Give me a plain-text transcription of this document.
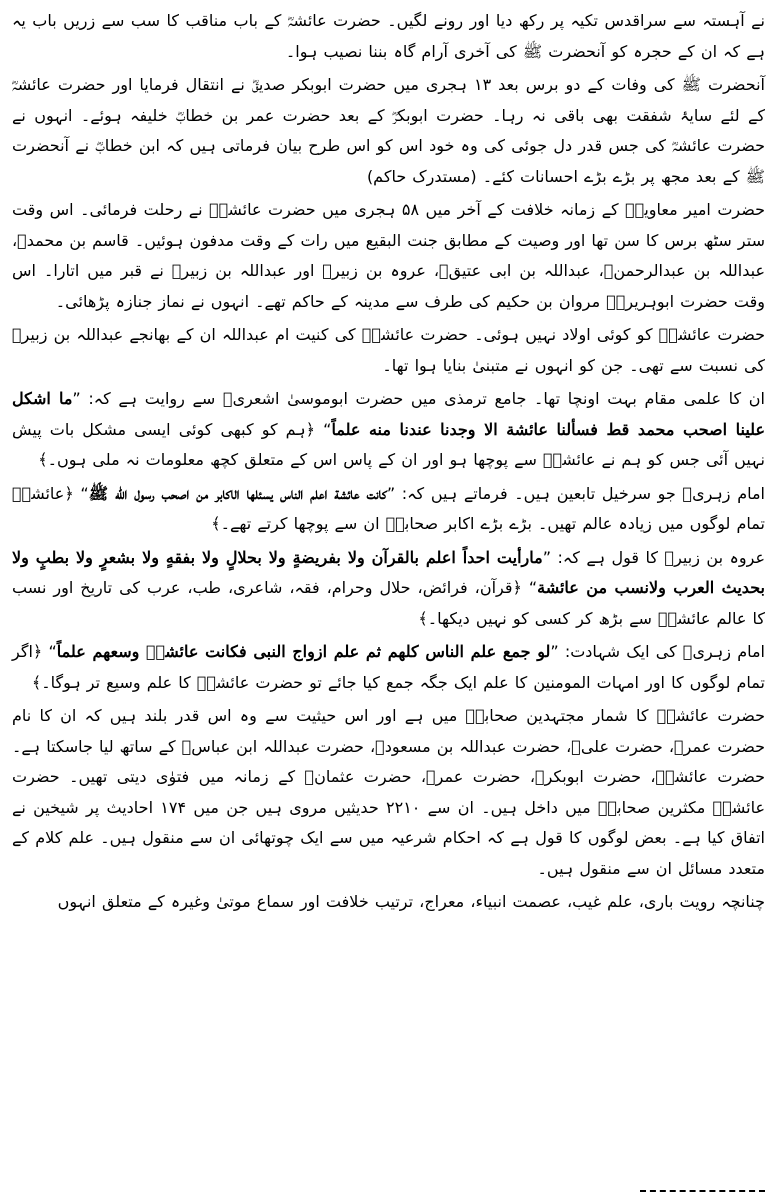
نے آہستہ سے سراقدس تکیہ پر رکھ دیا اور رونے لگیں۔ حضرت عائشہؓ کے باب مناقب کا سب سے زریں باب یہ ہے کہ ان کے حجرہ کو آنحضرت ﷺ کی آخری آرام گاہ بننا نصیب ہوا۔

آنحضرت ﷺ کی وفات کے دو برس بعد ۱۳ ہجری میں حضرت ابوبکر صدیقؓ نے انتقال فرمایا اور حضرت عائشہؓ کے لئے سایۂ شفقت بھی باقی نہ رہا۔ حضرت ابوبکرؓ کے بعد حضرت عمر بن خطابؓ خلیفہ ہوئے۔ انہوں نے حضرت عائشہؓ کی جس قدر دل جوئی کی وہ خود اس کو اس طرح بیان فرماتی ہیں کہ ابن خطابؓ نے آنحضرت ﷺ کے بعد مجھ پر بڑے بڑے احسانات کئے۔ (مستدرک حاکم)

حضرت امیر معاویہؓ کے زمانہ خلافت کے آخر میں ۵۸ ہجری میں حضرت عائشہؓ نے رحلت فرمائی۔ اس وقت ستر سٹھ برس کا سن تھا اور وصیت کے مطابق جنت البقیع میں رات کے وقت مدفون ہوئیں۔ قاسم بن محمدؒ، عبداللہ بن عبدالرحمنؒ، عبداللہ بن ابی عتیقؒ، عروہ بن زبیرؓ اور عبداللہ بن زبیرؓ نے قبر میں اتارا۔ اس وقت حضرت ابوہریرہؓ مروان بن حکیم کی طرف سے مدینہ کے حاکم تھے۔ انہوں نے نماز جنازہ پڑھائی۔

حضرت عائشہؓ کو کوئی اولاد نہیں ہوئی۔ حضرت عائشہؓ کی کنیت ام عبداللہ ان کے بھانجے عبداللہ بن زبیرؓ کی نسبت سے تھی۔ جن کو انہوں نے متبنیٰ بنایا ہوا تھا۔

ان کا علمی مقام بہت اونچا تھا۔ جامع ترمذی میں حضرت ابوموسیٰ اشعریؓ سے روایت ہے کہ: ”ما اشکل علینا اصحب محمد قط فسألنا عائشة الا وجدنا عندنا منه علماً“ ﴿ہم کو کبھی کوئی ایسی مشکل بات پیش نہیں آئی جس کو ہم نے عائشہؓ سے پوچھا ہو اور ان کے پاس اس کے متعلق کچھ معلومات نہ ملی ہوں۔﴾

امام زہریؒ جو سرخیل تابعین ہیں۔ فرماتے ہیں کہ: ”کانت عائشة اعلم الناس یسئلها الاکابر من اصحب رسول الله ﷺ“ ﴿عائشہؓ تمام لوگوں میں زیادہ عالم تھیں۔ بڑے بڑے اکابر صحابہؓ ان سے پوچھا کرتے تھے۔﴾

عروہ بن زبیرؓ کا قول ہے کہ: ”مارأیت احداً اعلم بالقرآن ولا بفریضةٍ ولا بحلالٍ ولا بفقهٍ ولا بشعرٍ ولا بطبٍ ولا بحدیث العرب ولانسب من عائشة“ ﴿قرآن، فرائض، حلال وحرام، فقہ، شاعری، طب، عرب کی تاریخ اور نسب کا عالم عائشہؓ سے بڑھ کر کسی کو نہیں دیکھا۔﴾

امام زہریؒ کی ایک شہادت: ”لو جمع علم الناس کلهم ثم علم ازواج النبی فکانت عائشةؓ وسعهم علماً“ ﴿اگر تمام لوگوں کا اور امہات المومنین کا علم ایک جگہ جمع کیا جائے تو حضرت عائشہؓ کا علم وسیع تر ہوگا۔﴾

حضرت عائشہؓ کا شمار مجتہدین صحابہؓ میں ہے اور اس حیثیت سے وہ اس قدر بلند ہیں کہ ان کا نام حضرت عمرؓ، حضرت علیؓ، حضرت عبداللہ بن مسعودؓ، حضرت عبداللہ ابن عباسؓ کے ساتھ لیا جاسکتا ہے۔ حضرت عائشہؓ، حضرت ابوبکرؓ، حضرت عمرؓ، حضرت عثمانؓ کے زمانہ میں فتوٰی دیتی تھیں۔ حضرت عائشہؓ مکثرین صحابہؓ میں داخل ہیں۔ ان سے ۲۲۱۰ حدیثیں مروی ہیں جن میں ۱۷۴ احادیث پر شیخین نے اتفاق کیا ہے۔ بعض لوگوں کا قول ہے کہ احکام شرعیہ میں سے ایک چوتھائی ان سے منقول ہیں۔ علم کلام کے متعدد مسائل ان سے منقول ہیں۔

چنانچہ رویت باری، علم غیب، عصمت انبیاء، معراج، ترتیب خلافت اور سماع موتیٰ وغیرہ کے متعلق انہوں
